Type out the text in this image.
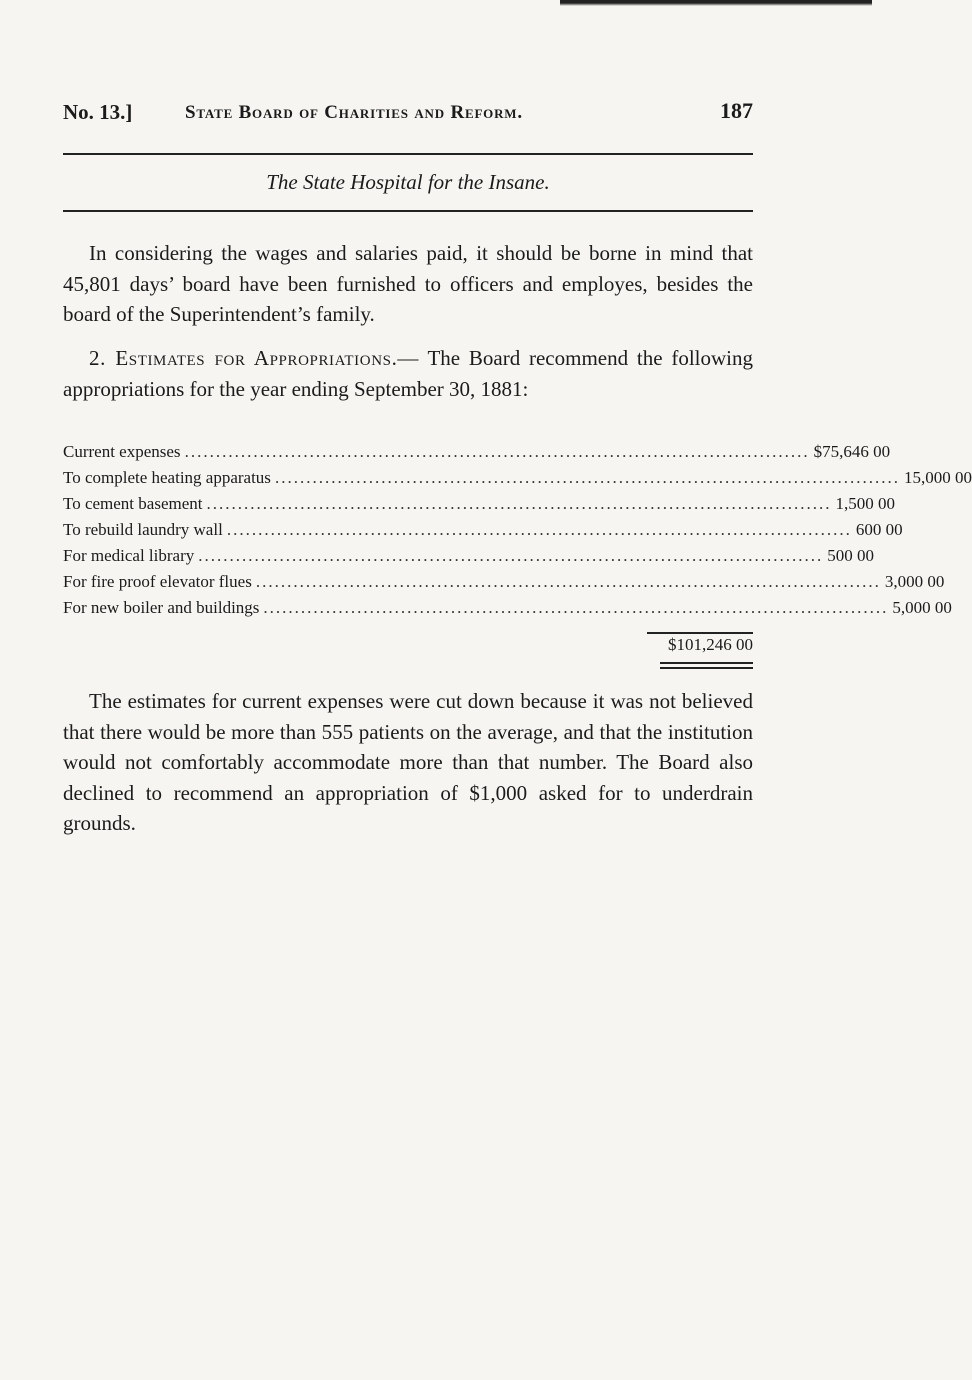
No. 13.]	State Board of Charities and Reform.	187
The State Hospital for the Insane.

In considering the wages and salaries paid, it should be borne in mind that 45,801 days’ board have been furnished to officers and employes, besides the board of the Superintendent’s family.

2. Estimates for Appropriations.— The Board recommend the following appropriations for the year ending September 30, 1881:

Current expenses .................................................................................................... $75,646 00
To complete heating apparatus .................................................................................................... 15,000 00
To cement basement .................................................................................................... 1,500 00
To rebuild laundry wall .................................................................................................... 600 00
For medical library .................................................................................................... 500 00
For fire proof elevator flues .................................................................................................... 3,000 00
For new boiler and buildings .................................................................................................... 5,000 00
$101,246 00

The estimates for current expenses were cut down because it was not believed that there would be more than 555 patients on the average, and that the institution would not comfortably accommodate more than that number. The Board also declined to recommend an appropriation of $1,000 asked for to underdrain grounds.
